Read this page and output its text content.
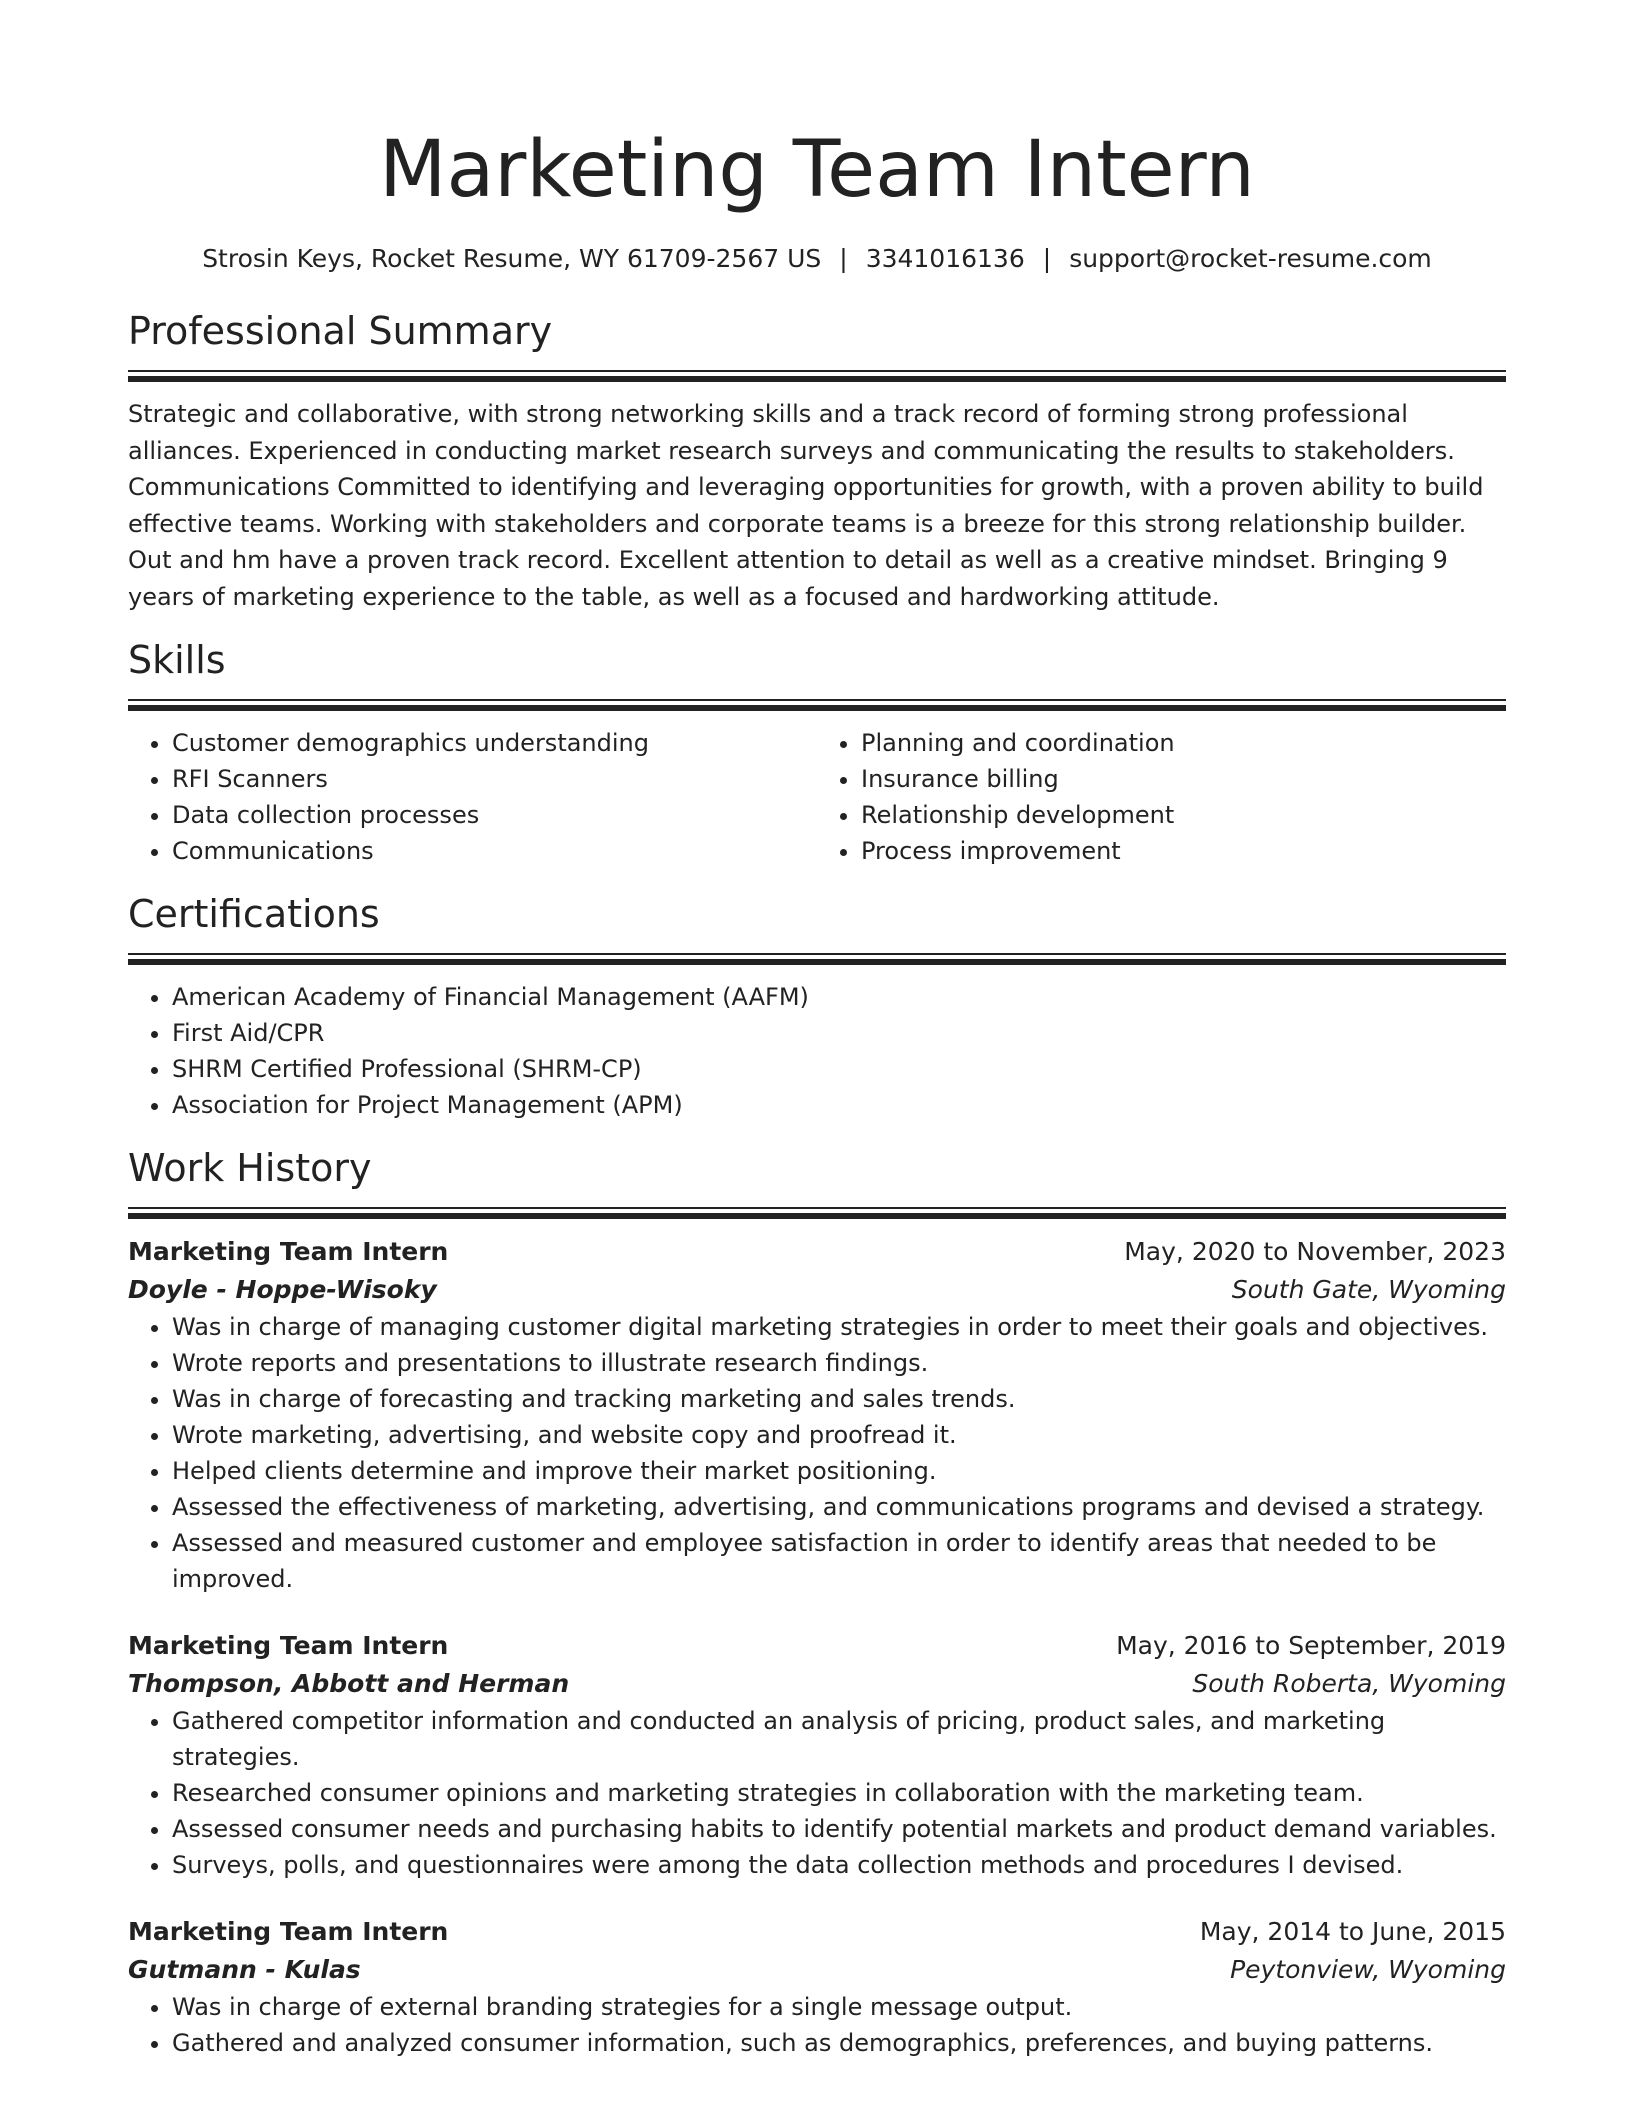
Marketing Team Intern
Strosin Keys, Rocket Resume, WY 61709-2567 US | 3341016136 | support@rocket-resume.com
Professional Summary
Strategic and collaborative, with strong networking skills and a track record of forming strong professional alliances. Experienced in conducting market research surveys and communicating the results to stakeholders. Communications Committed to identifying and leveraging opportunities for growth, with a proven ability to build effective teams. Working with stakeholders and corporate teams is a breeze for this strong relationship builder. Out and hm have a proven track record. Excellent attention to detail as well as a creative mindset. Bringing 9 years of marketing experience to the table, as well as a focused and hardworking attitude.
Skills
• Customer demographics understanding
• RFI Scanners
• Data collection processes
• Communications
• Planning and coordination
• Insurance billing
• Relationship development
• Process improvement
Certifications
• American Academy of Financial Management (AAFM)
• First Aid/CPR
• SHRM Certified Professional (SHRM-CP)
• Association for Project Management (APM)
Work History
Marketing Team Intern	May, 2020 to November, 2023
Doyle - Hoppe-Wisoky	South Gate, Wyoming
• Was in charge of managing customer digital marketing strategies in order to meet their goals and objectives.
• Wrote reports and presentations to illustrate research findings.
• Was in charge of forecasting and tracking marketing and sales trends.
• Wrote marketing, advertising, and website copy and proofread it.
• Helped clients determine and improve their market positioning.
• Assessed the effectiveness of marketing, advertising, and communications programs and devised a strategy.
• Assessed and measured customer and employee satisfaction in order to identify areas that needed to be improved.
Marketing Team Intern	May, 2016 to September, 2019
Thompson, Abbott and Herman	South Roberta, Wyoming
• Gathered competitor information and conducted an analysis of pricing, product sales, and marketing strategies.
• Researched consumer opinions and marketing strategies in collaboration with the marketing team.
• Assessed consumer needs and purchasing habits to identify potential markets and product demand variables.
• Surveys, polls, and questionnaires were among the data collection methods and procedures I devised.
Marketing Team Intern	May, 2014 to June, 2015
Gutmann - Kulas	Peytonview, Wyoming
• Was in charge of external branding strategies for a single message output.
• Gathered and analyzed consumer information, such as demographics, preferences, and buying patterns.
